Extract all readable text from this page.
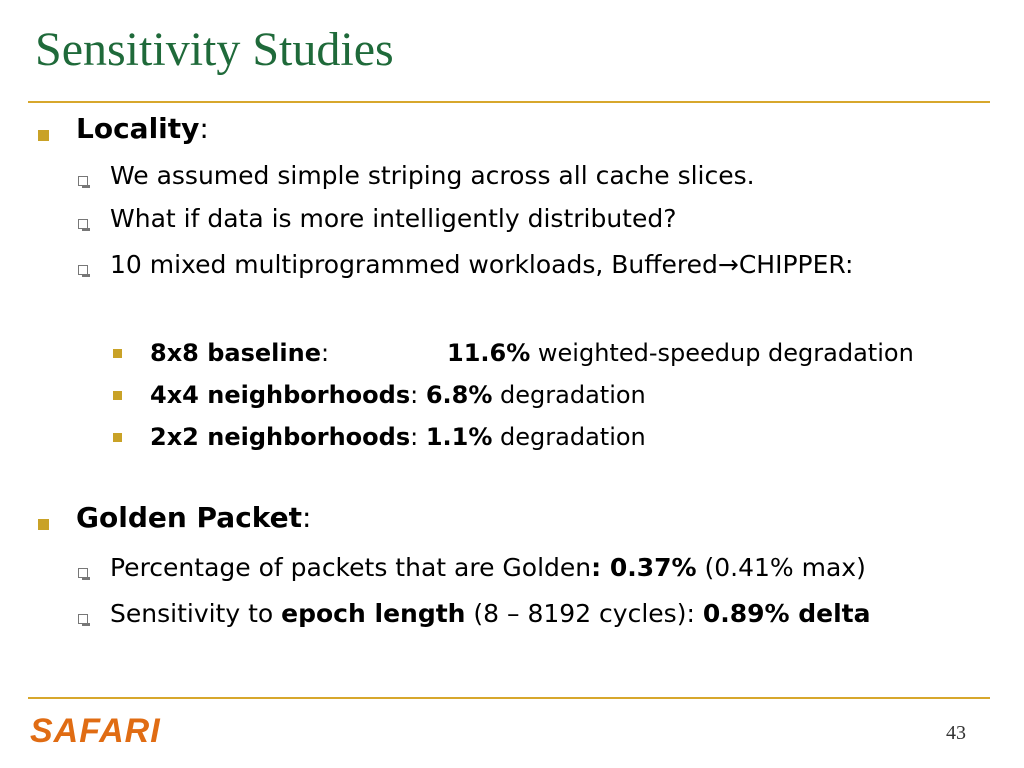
Sensitivity Studies
Locality:
We assumed simple striping across all cache slices.
What if data is more intelligently distributed?
10 mixed multiprogrammed workloads, Buffered→CHIPPER:
8x8 baseline:	11.6% weighted-speedup degradation
4x4 neighborhoods: 6.8% degradation
2x2 neighborhoods: 1.1% degradation
Golden Packet:
Percentage of packets that are Golden: 0.37% (0.41% max)
Sensitivity to epoch length (8 – 8192 cycles): 0.89% delta
SAFARI	43
